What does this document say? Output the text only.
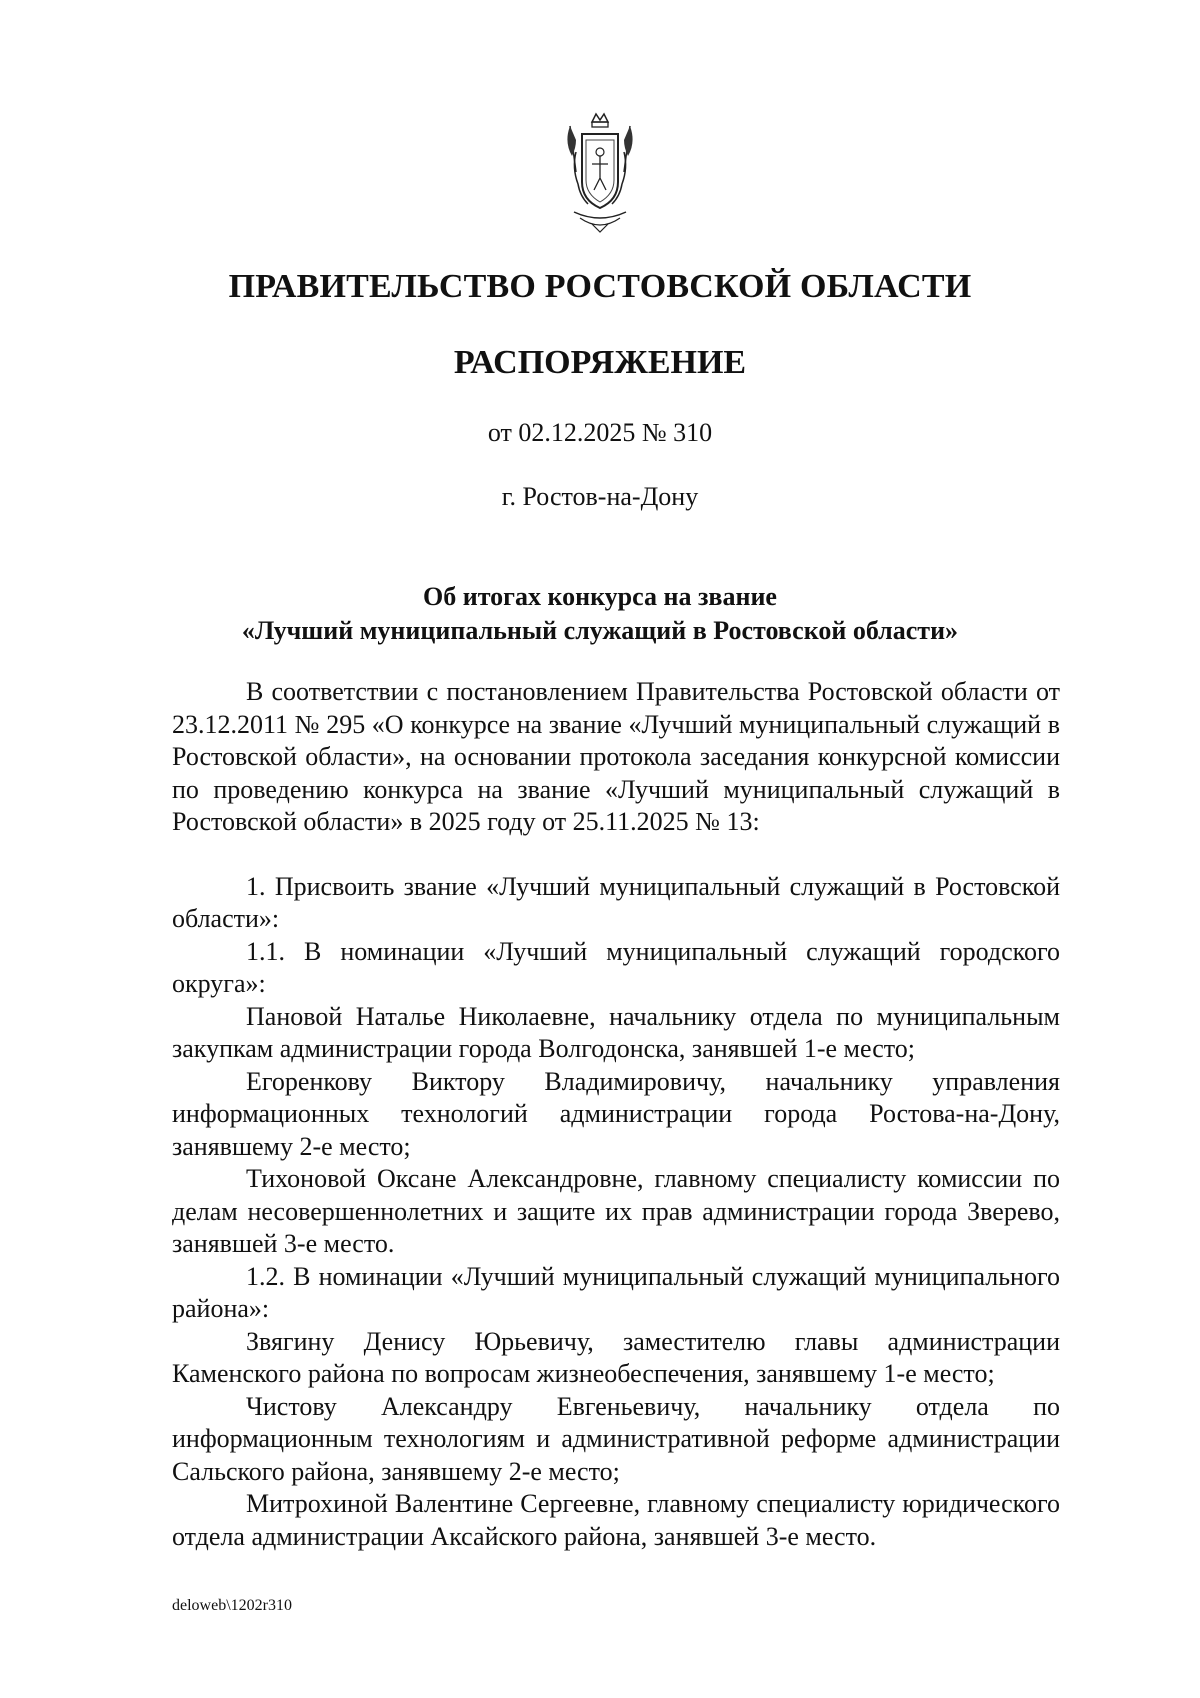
ПРАВИТЕЛЬСТВО РОСТОВСКОЙ ОБЛАСТИ
РАСПОРЯЖЕНИЕ
от 02.12.2025 № 310
г. Ростов-на-Дону
Об итогах конкурса на звание
«Лучший муниципальный служащий в Ростовской области»

В соответствии с постановлением Правительства Ростовской области от 23.12.2011 № 295 «О конкурсе на звание «Лучший муниципальный служащий в Ростовской области», на основании протокола заседания конкурсной комиссии по проведению конкурса на звание «Лучший муниципальный служащий в Ростовской области» в 2025 году от 25.11.2025 № 13:

1. Присвоить звание «Лучший муниципальный служащий в Ростовской области»:

1.1. В номинации «Лучший муниципальный служащий городского округа»:

Пановой Наталье Николаевне, начальнику отдела по муниципальным закупкам администрации города Волгодонска, занявшей 1-е место;

Егоренкову Виктору Владимировичу, начальнику управления информационных технологий администрации города Ростова-на-Дону, занявшему 2-е место;

Тихоновой Оксане Александровне, главному специалисту комиссии по делам несовершеннолетних и защите их прав администрации города Зверево, занявшей 3-е место.

1.2. В номинации «Лучший муниципальный служащий муниципального района»:

Звягину Денису Юрьевичу, заместителю главы администрации Каменского района по вопросам жизнеобеспечения, занявшему 1-е место;

Чистову Александру Евгеньевичу, начальнику отдела по информационным технологиям и административной реформе администрации Сальского района, занявшему 2-е место;

Митрохиной Валентине Сергеевне, главному специалисту юридического отдела администрации Аксайского района, занявшей 3-е место.

deloweb\1202r310
